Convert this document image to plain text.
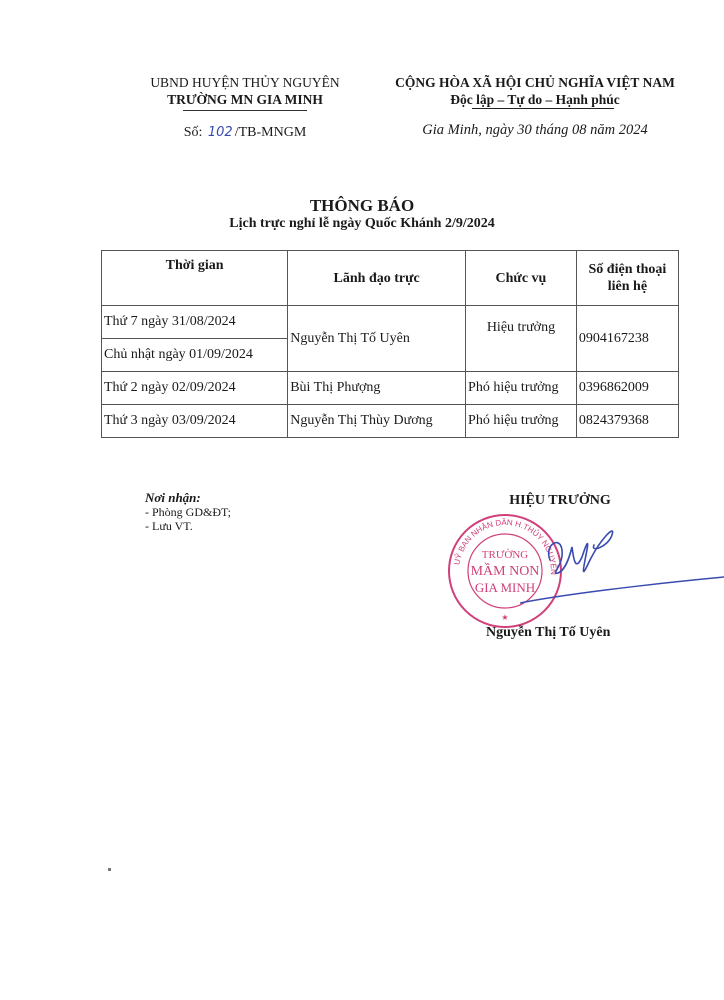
UBND HUYỆN THỦY NGUYÊN
TRƯỜNG MN GIA MINH
Số: 102 /TB-MNGM
CỘNG HÒA XÃ HỘI CHỦ NGHĨA VIỆT NAM
Độc lập – Tự do – Hạnh phúc
Gia Minh, ngày 30 tháng 08 năm 2024
THÔNG BÁO
Lịch trực nghỉ lễ ngày Quốc Khánh 2/9/2024
Thời gian	Lãnh đạo trực	Chức vụ	Số điện thoại liên hệ
Thứ 7 ngày 31/08/2024	Nguyễn Thị Tố Uyên	Hiệu trưởng	0904167238
Chủ nhật ngày 01/09/2024			
Thứ 2 ngày 02/09/2024	Bùi Thị Phượng	Phó hiệu trưởng	0396862009
Thứ 3 ngày 03/09/2024	Nguyễn Thị Thùy Dương	Phó hiệu trưởng	0824379368
Nơi nhận:
- Phòng GD&ĐT;
- Lưu VT.
HIỆU TRƯỞNG
UỶ BAN NHÂN DÂN H.THỦY NGUYÊN
TRƯỜNG
MẦM NON
GIA MINH
★
Nguyễn Thị Tố Uyên
